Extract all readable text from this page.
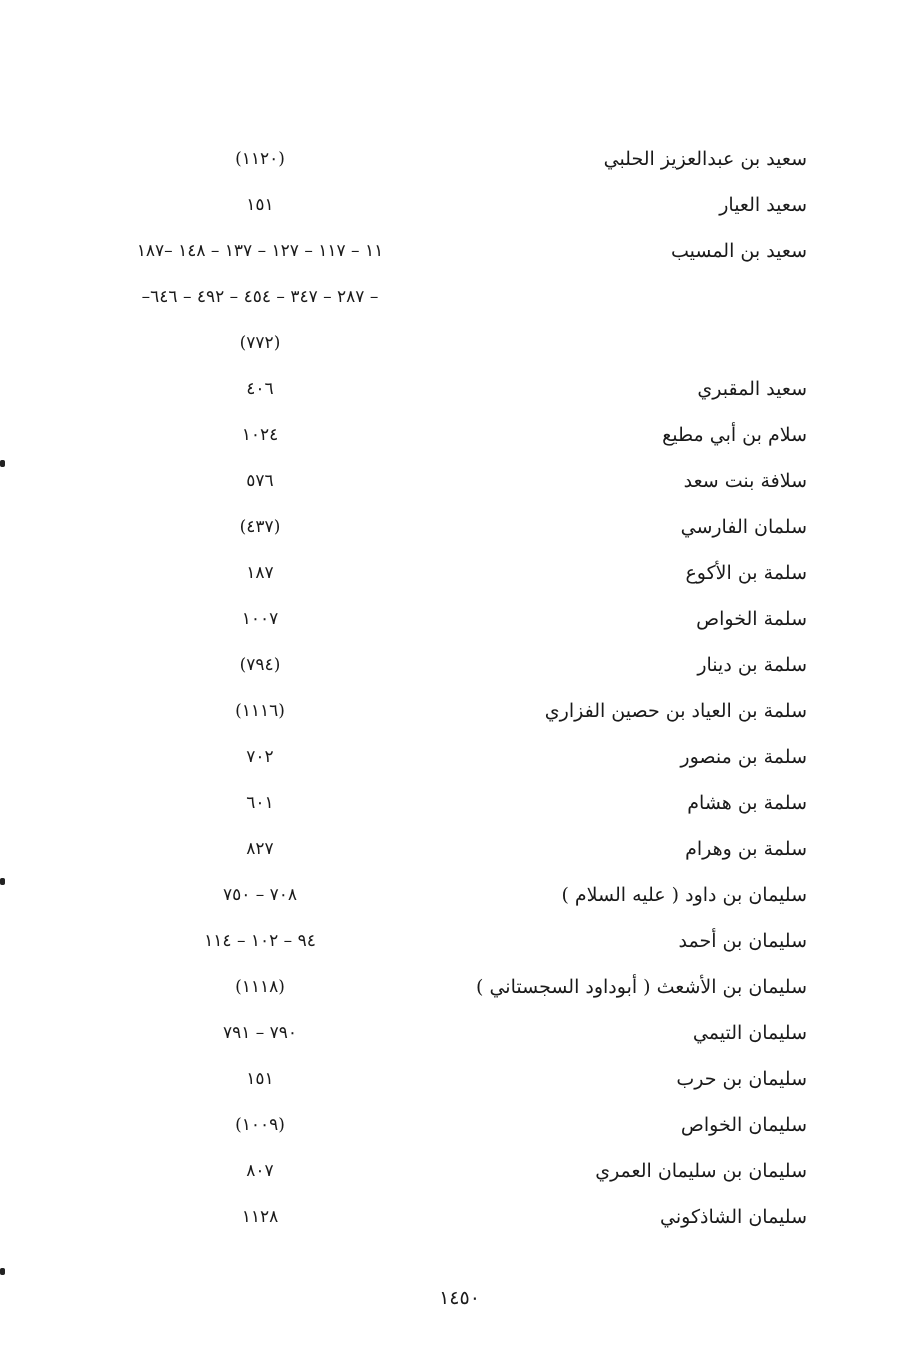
سعيد بن عبدالعزيز الحلبي
(١١٢٠)
سعيد العيار
١٥١
سعيد بن المسيب
١١ – ١١٧ – ١٢٧ – ١٣٧ – ١٤٨ –١٨٧
– ٢٨٧ – ٣٤٧ – ٤٥٤ – ٤٩٢ – ٦٤٦–
(٧٧٢)
سعيد المقبري
٤٠٦
سلام بن أبي مطيع
١٠٢٤
سلافة بنت سعد
٥٧٦
سلمان الفارسي
(٤٣٧)
سلمة بن الأكوع
١٨٧
سلمة الخواص
١٠٠٧
سلمة بن دينار
(٧٩٤)
سلمة بن العياد بن حصين الفزاري
(١١١٦)
سلمة بن منصور
٧٠٢
سلمة بن هشام
٦٠١
سلمة بن وهرام
٨٢٧
سليمان بن داود ( عليه السلام )
٧٠٨ – ٧٥٠
سليمان بن أحمد
٩٤ – ١٠٢ – ١١٤
سليمان بن الأشعث ( أبوداود السجستاني )
(١١١٨)
سليمان التيمي
٧٩٠ – ٧٩١
سليمان بن حرب
١٥١
سليمان الخواص
(١٠٠٩)
سليمان بن سليمان العمري
٨٠٧
سليمان الشاذكوني
١١٢٨
١٤٥٠
